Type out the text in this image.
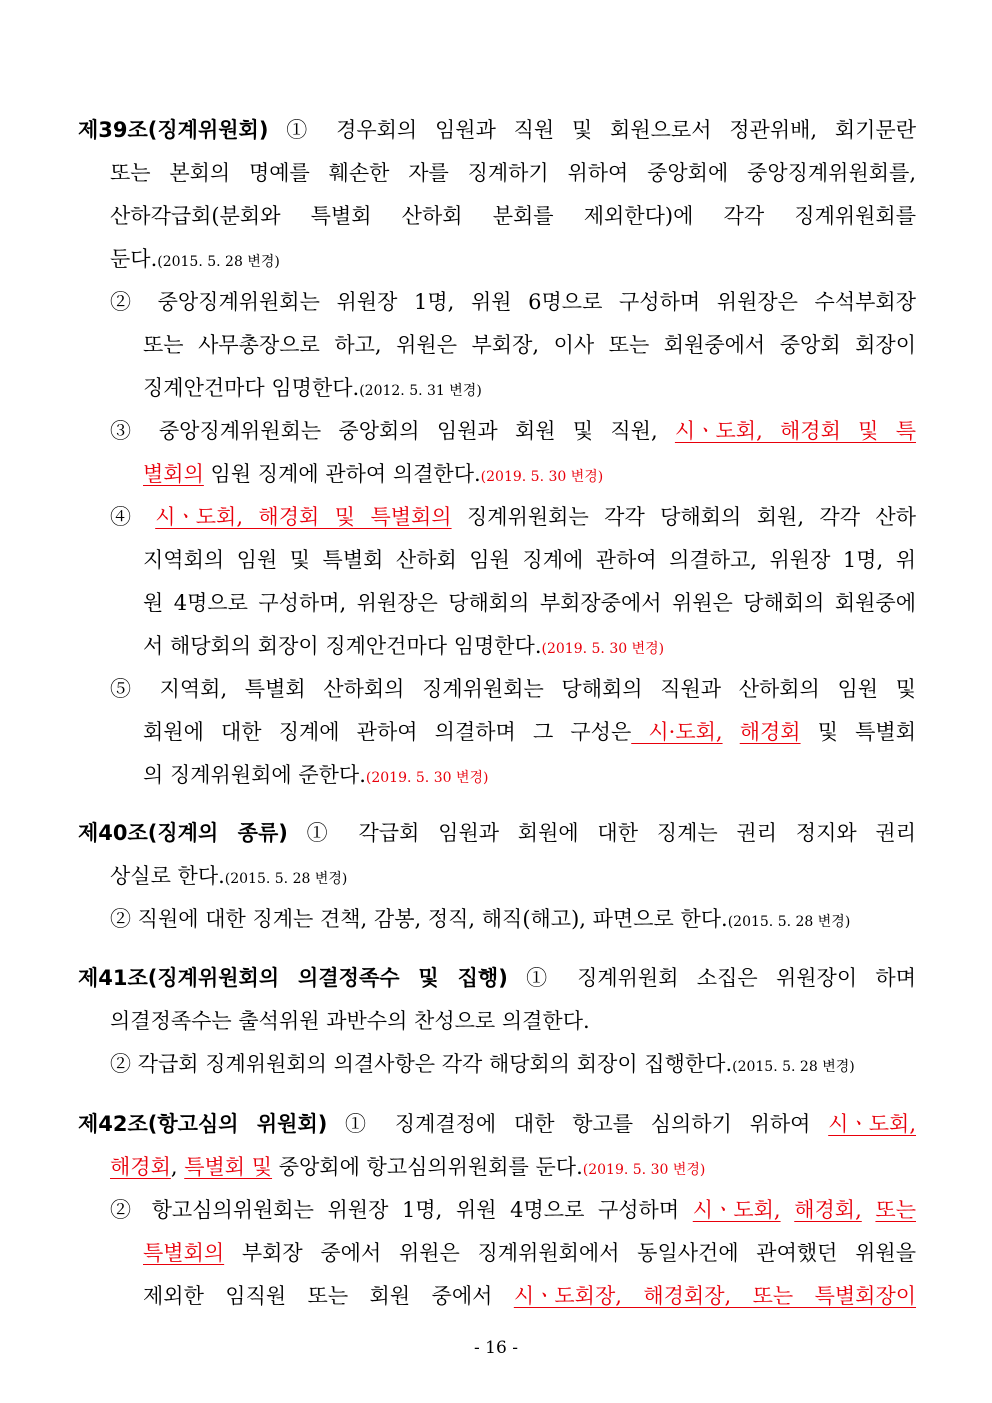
제39조(징계위원회) ① 경우회의 임원과 직원 및 회원으로서 정관위배, 회기문란
또는 본회의 명예를 훼손한 자를 징계하기 위하여 중앙회에 중앙징계위원회를,
산하각급회(분회와 특별회 산하회 분회를 제외한다)에 각각 징계위원회를
둔다.(2015. 5. 28 변경)
② 중앙징계위원회는 위원장 1명, 위원 6명으로 구성하며 위원장은 수석부회장
또는 사무총장으로 하고, 위원은 부회장, 이사 또는 회원중에서 중앙회 회장이
징계안건마다 임명한다.(2012. 5. 31 변경)
③ 중앙징계위원회는 중앙회의 임원과 회원 및 직원, 시ㆍ도회, 해경회 및 특
별회의 임원 징계에 관하여 의결한다.(2019. 5. 30 변경)
④ 시ㆍ도회, 해경회 및 특별회의 징계위원회는 각각 당해회의 회원, 각각 산하
지역회의 임원 및 특별회 산하회 임원 징계에 관하여 의결하고, 위원장 1명, 위
원 4명으로 구성하며, 위원장은 당해회의 부회장중에서 위원은 당해회의 회원중에
서 해당회의 회장이 징계안건마다 임명한다.(2019. 5. 30 변경)
⑤ 지역회, 특별회 산하회의 징계위원회는 당해회의 직원과 산하회의 임원 및
회원에 대한 징계에 관하여 의결하며 그 구성은 시·도회, 해경회 및 특별회
의 징계위원회에 준한다.(2019. 5. 30 변경)
제40조(징계의 종류) ① 각급회 임원과 회원에 대한 징계는 권리 정지와 권리
상실로 한다.(2015. 5. 28 변경)
② 직원에 대한 징계는 견책, 감봉, 정직, 해직(해고), 파면으로 한다.(2015. 5. 28 변경)
제41조(징계위원회의 의결정족수 및 집행) ① 징계위원회 소집은 위원장이 하며
의결정족수는 출석위원 과반수의 찬성으로 의결한다.
② 각급회 징계위원회의 의결사항은 각각 해당회의 회장이 집행한다.(2015. 5. 28 변경)
제42조(항고심의 위원회) ① 징계결정에 대한 항고를 심의하기 위하여 시ㆍ도회,
해경회, 특별회 및 중앙회에 항고심의위원회를 둔다.(2019. 5. 30 변경)
② 항고심의위원회는 위원장 1명, 위원 4명으로 구성하며 시ㆍ도회, 해경회, 또는
특별회의 부회장 중에서 위원은 징계위원회에서 동일사건에 관여했던 위원을
제외한 임직원 또는 회원 중에서 시ㆍ도회장, 해경회장, 또는 특별회장이
- 16 -
